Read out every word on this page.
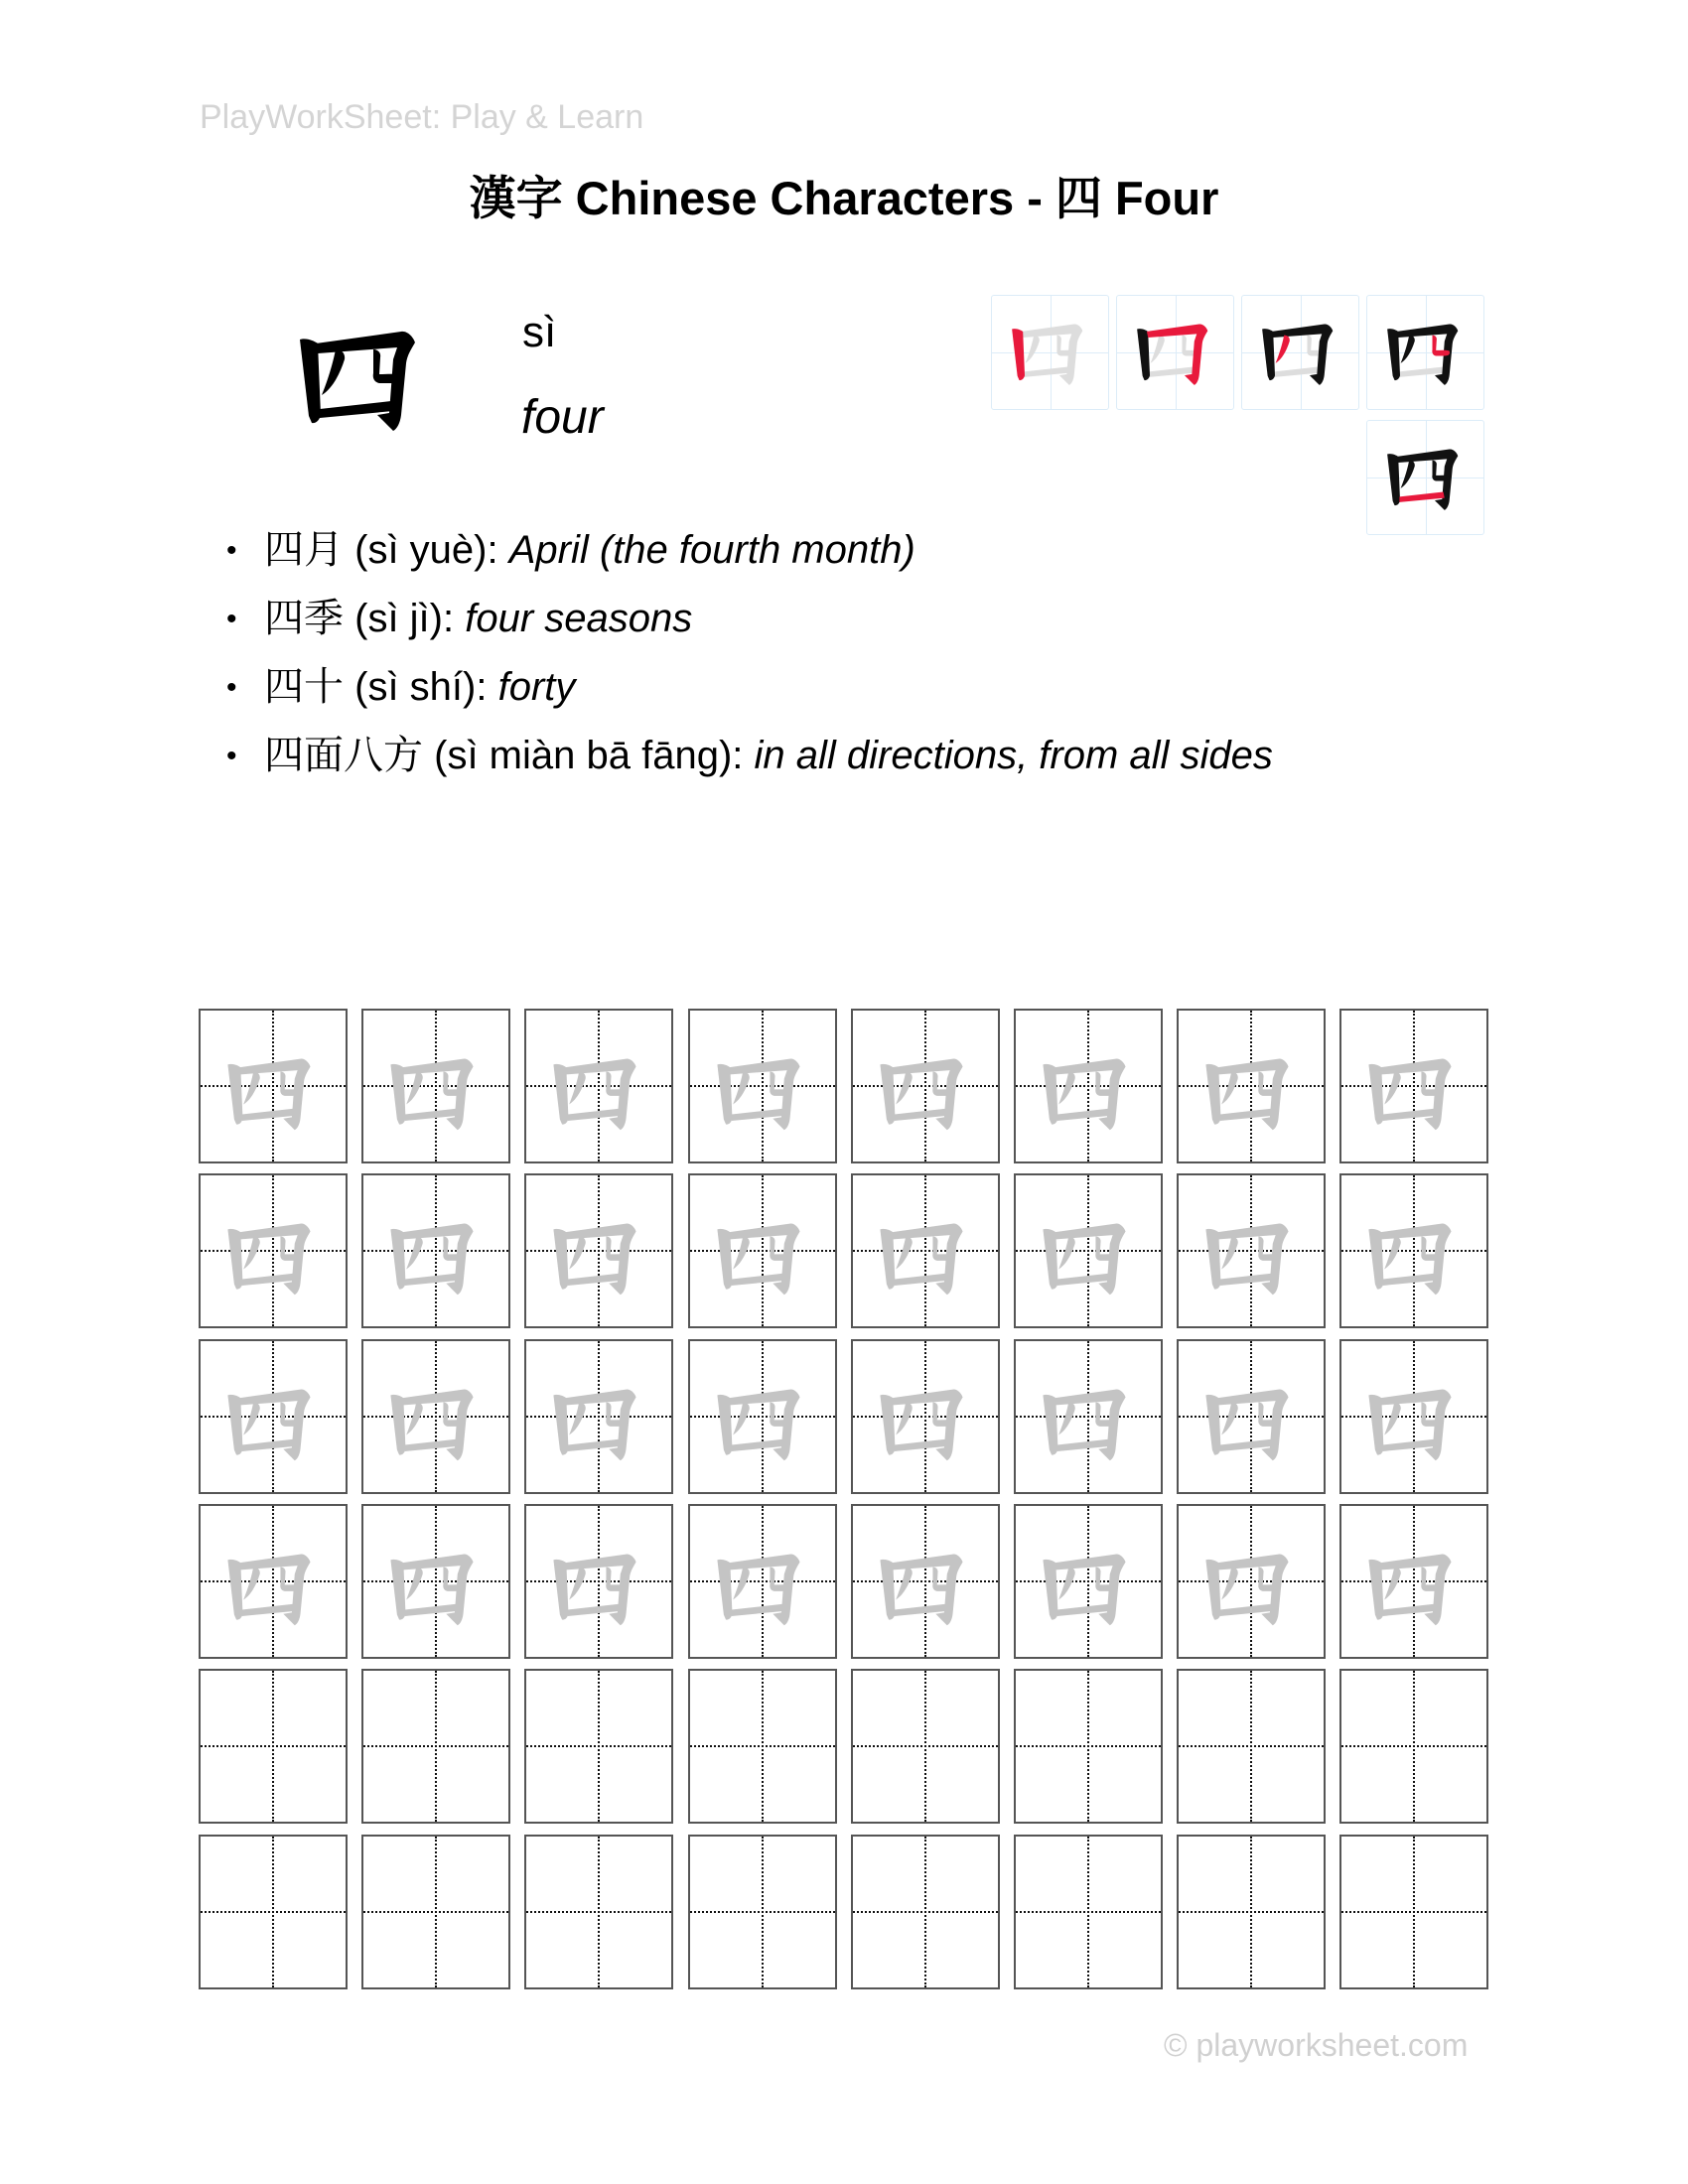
PlayWorkSheet: Play & Learn
漢字 Chinese Characters - 四 Four
sì
four
• 四月 (sì yuè): April (the fourth month)
• 四季 (sì jì): four seasons
• 四十 (sì shí): forty
• 四面八方 (sì miàn bā fāng): in all directions, from all sides
© playworksheet.com
